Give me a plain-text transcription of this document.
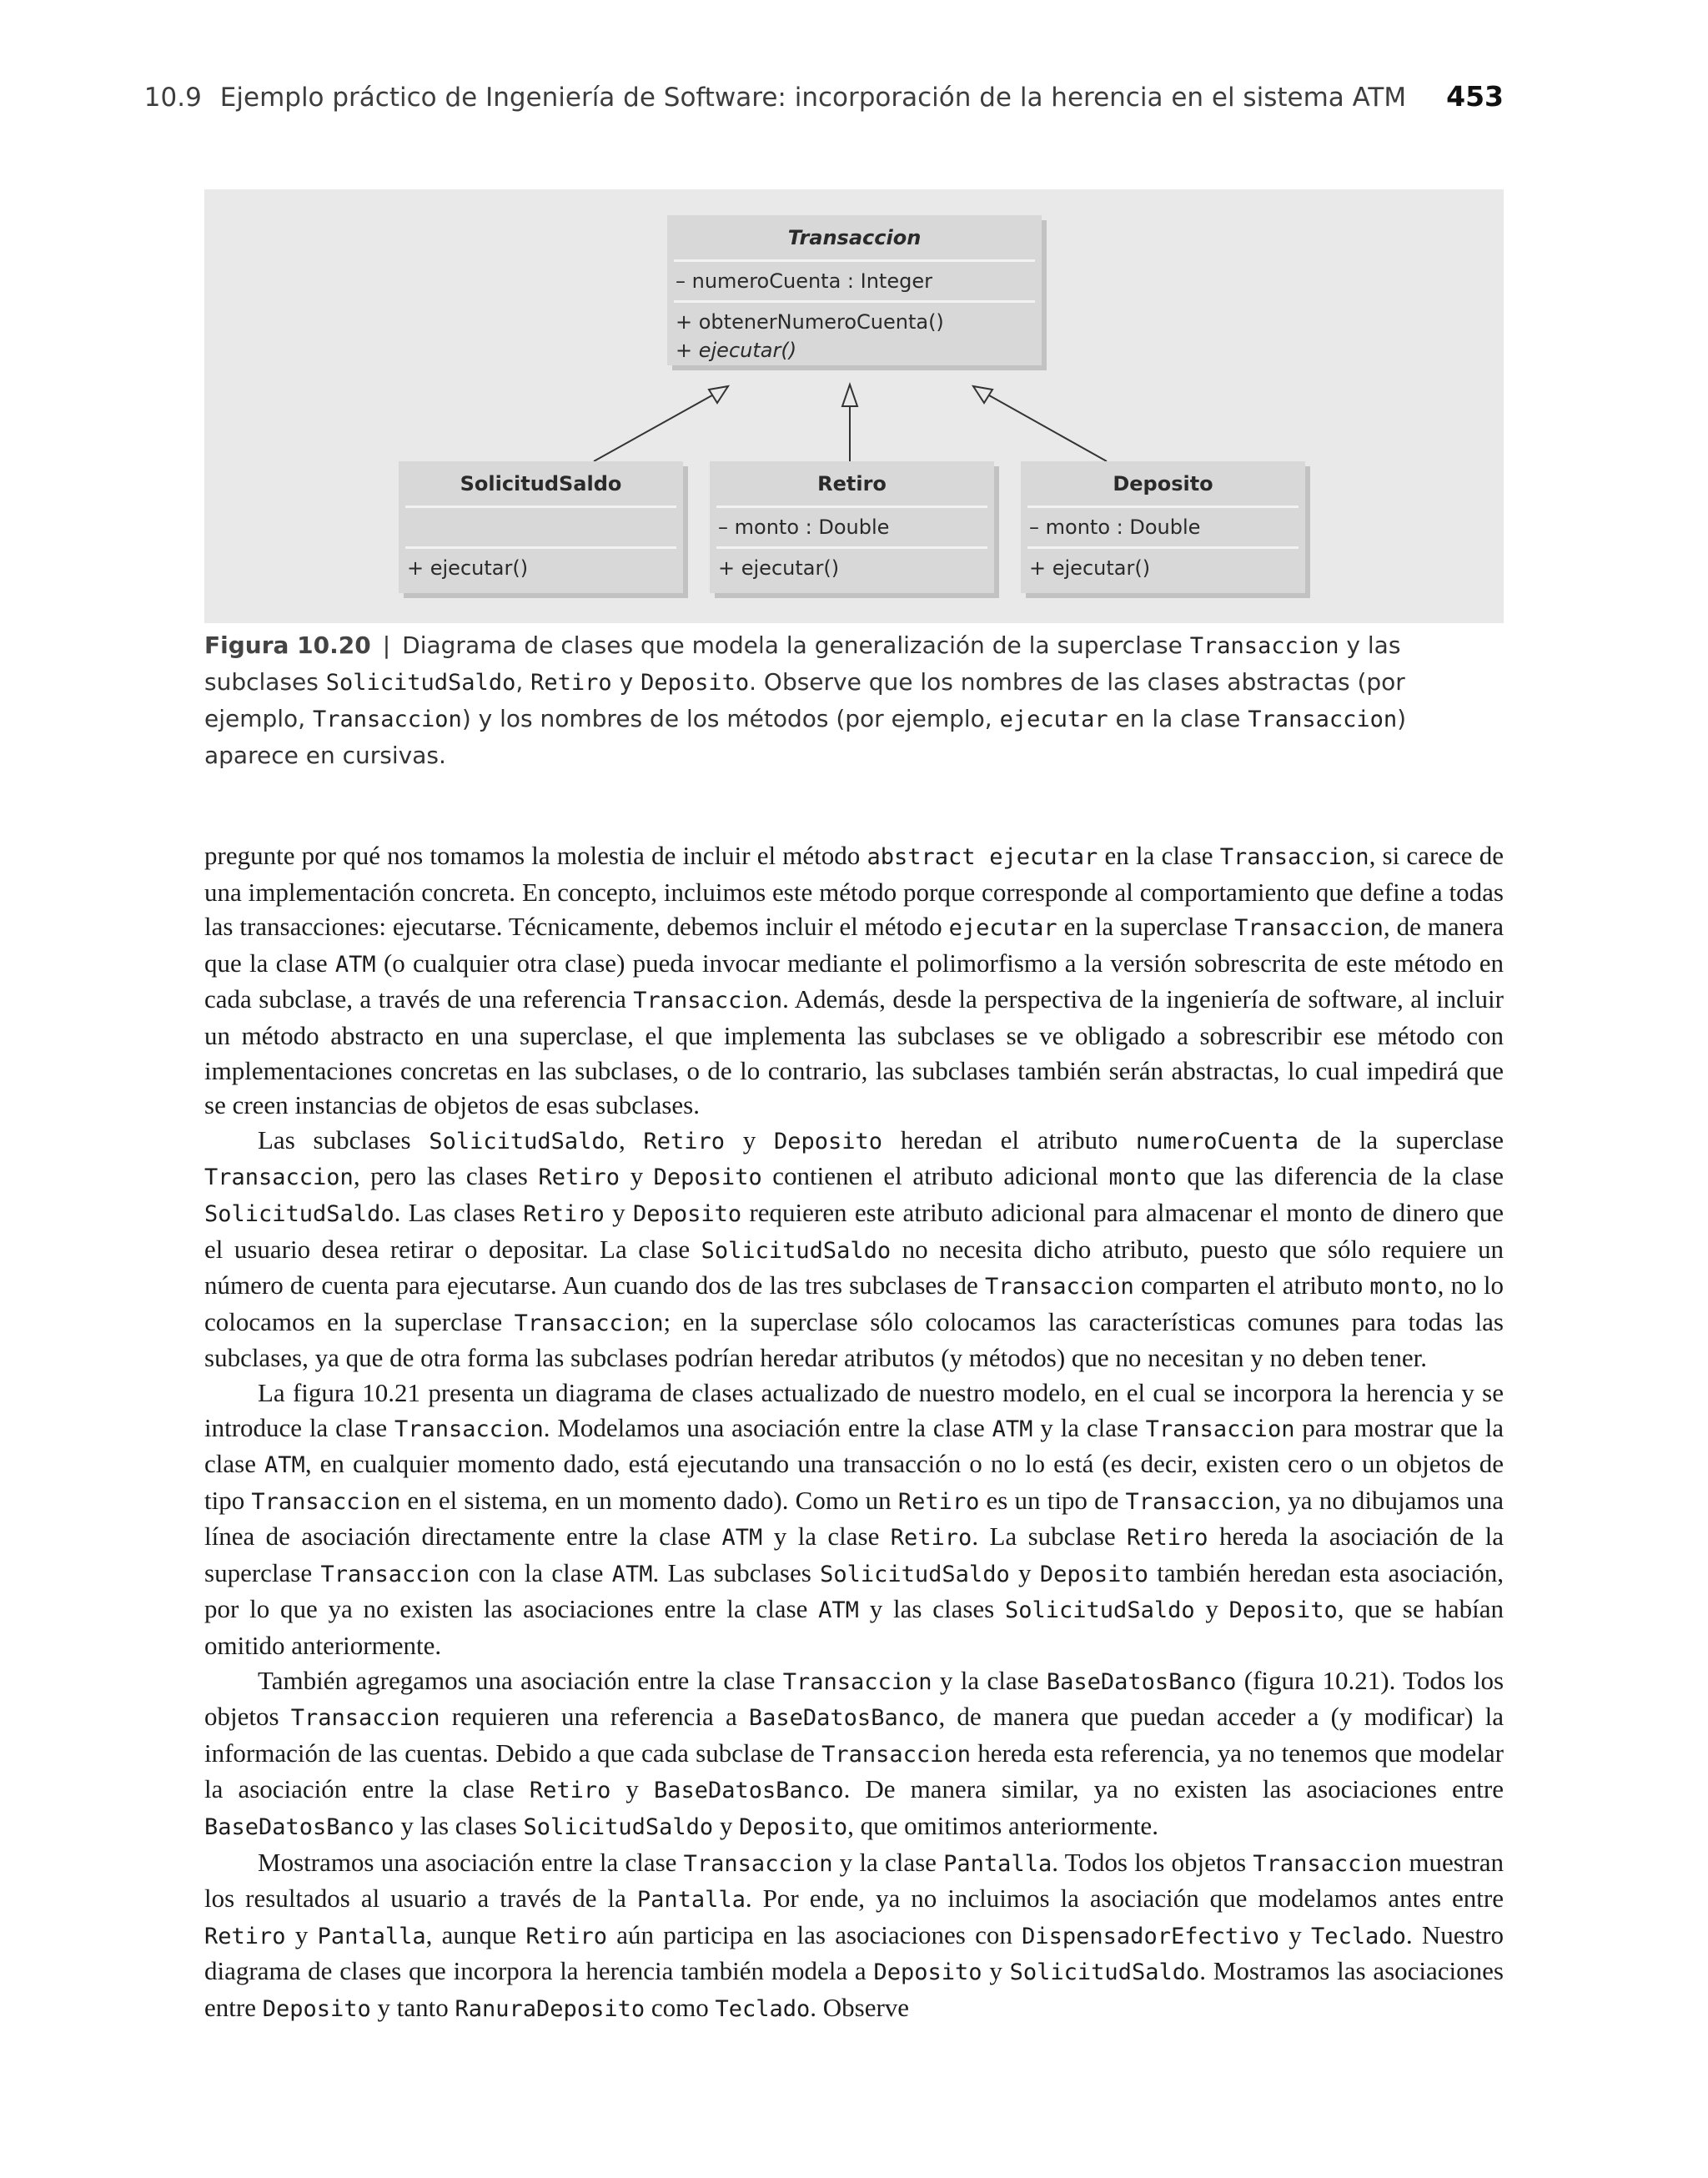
10.9 Ejemplo práctico de Ingeniería de Software: incorporación de la herencia en el sistema ATM 453
Transaccion
– numeroCuenta : Integer
+ obtenerNumeroCuenta()
+ ejecutar()
SolicitudSaldo
+ ejecutar()
Retiro
– monto : Double
+ ejecutar()
Deposito
– monto : Double
+ ejecutar()
Figura 10.20 | Diagrama de clases que modela la generalización de la superclase Transaccion y las subclases SolicitudSaldo, Retiro y Deposito. Observe que los nombres de las clases abstractas (por ejemplo, Transaccion) y los nombres de los métodos (por ejemplo, ejecutar en la clase Transaccion) aparece en cursivas.

pregunte por qué nos tomamos la molestia de incluir el método abstract ejecutar en la clase Transaccion, si carece de una implementación concreta. En concepto, incluimos este método porque corresponde al comportamiento que define a todas las transacciones: ejecutarse. Técnicamente, debemos incluir el método ejecutar en la superclase Transaccion, de manera que la clase ATM (o cualquier otra clase) pueda invocar mediante el polimorfismo a la versión sobrescrita de este método en cada subclase, a través de una referencia Transaccion. Además, desde la perspectiva de la ingeniería de software, al incluir un método abstracto en una superclase, el que implementa las subclases se ve obligado a sobrescribir ese método con implementaciones concretas en las subclases, o de lo contrario, las subclases también serán abstractas, lo cual impedirá que se creen instancias de objetos de esas subclases.

Las subclases SolicitudSaldo, Retiro y Deposito heredan el atributo numeroCuenta de la superclase Transaccion, pero las clases Retiro y Deposito contienen el atributo adicional monto que las diferencia de la clase SolicitudSaldo. Las clases Retiro y Deposito requieren este atributo adicional para almacenar el monto de dinero que el usuario desea retirar o depositar. La clase SolicitudSaldo no necesita dicho atributo, puesto que sólo requiere un número de cuenta para ejecutarse. Aun cuando dos de las tres subclases de Transaccion comparten el atributo monto, no lo colocamos en la superclase Transaccion; en la superclase sólo colocamos las características comunes para todas las subclases, ya que de otra forma las subclases podrían heredar atributos (y métodos) que no necesitan y no deben tener.

La figura 10.21 presenta un diagrama de clases actualizado de nuestro modelo, en el cual se incorpora la herencia y se introduce la clase Transaccion. Modelamos una asociación entre la clase ATM y la clase Transaccion para mostrar que la clase ATM, en cualquier momento dado, está ejecutando una transacción o no lo está (es decir, existen cero o un objetos de tipo Transaccion en el sistema, en un momento dado). Como un Retiro es un tipo de Transaccion, ya no dibujamos una línea de asociación directamente entre la clase ATM y la clase Retiro. La subclase Retiro hereda la asociación de la superclase Transaccion con la clase ATM. Las subclases SolicitudSaldo y Deposito también heredan esta asociación, por lo que ya no existen las asociaciones entre la clase ATM y las clases SolicitudSaldo y Deposito, que se habían omitido anteriormente.

También agregamos una asociación entre la clase Transaccion y la clase BaseDatosBanco (figura 10.21). Todos los objetos Transaccion requieren una referencia a BaseDatosBanco, de manera que puedan acceder a (y modificar) la información de las cuentas. Debido a que cada subclase de Transaccion hereda esta referencia, ya no tenemos que modelar la asociación entre la clase Retiro y BaseDatosBanco. De manera similar, ya no existen las asociaciones entre BaseDatosBanco y las clases SolicitudSaldo y Deposito, que omitimos anteriormente.

Mostramos una asociación entre la clase Transaccion y la clase Pantalla. Todos los objetos Transaccion muestran los resultados al usuario a través de la Pantalla. Por ende, ya no incluimos la asociación que modelamos antes entre Retiro y Pantalla, aunque Retiro aún participa en las asociaciones con DispensadorEfectivo y Teclado. Nuestro diagrama de clases que incorpora la herencia también modela a Deposito y SolicitudSaldo. Mostramos las asociaciones entre Deposito y tanto RanuraDeposito como Teclado. Observe
